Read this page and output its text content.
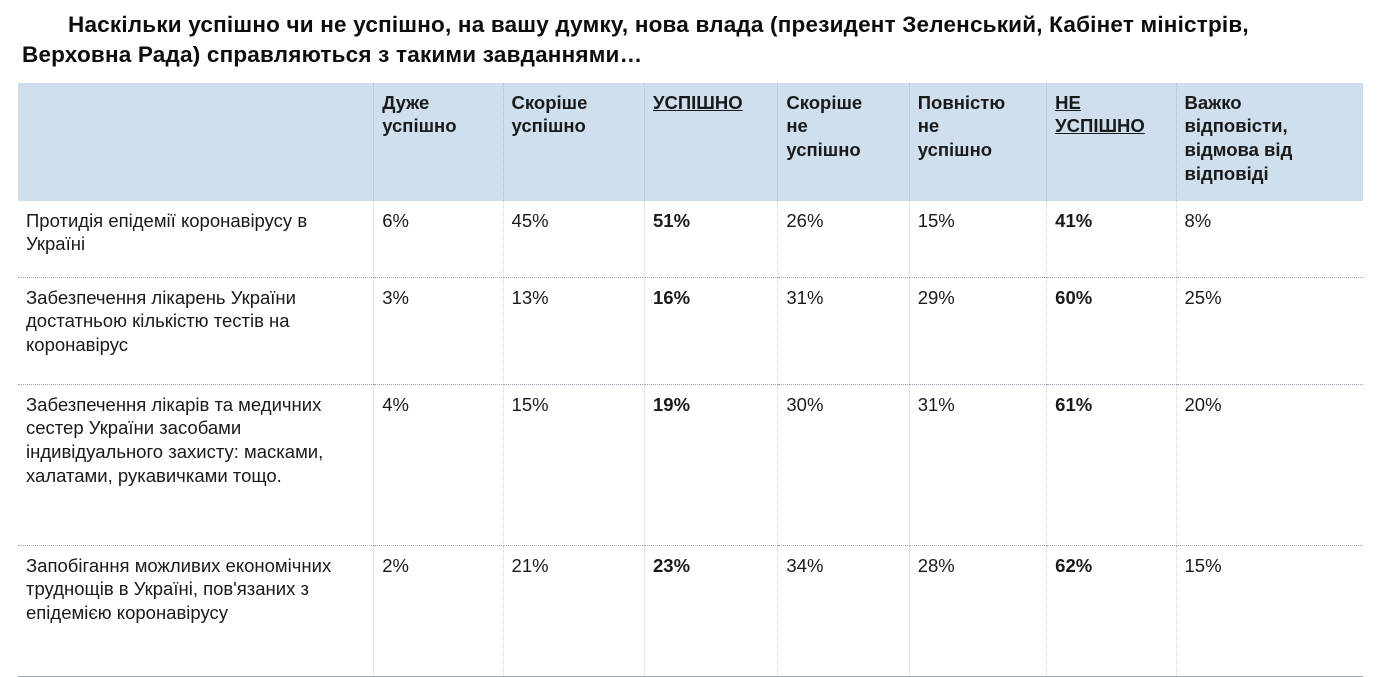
Наскільки успішно чи не успішно, на вашу думку, нова влада (президент Зеленський, Кабінет міністрів, Верховна Рада) справляються з такими завданнями…
	Дуже
успішно	Скоріше
успішно	УСПІШНО	Скоріше
не
успішно	Повністю
не
успішно	НЕ
УСПІШНО	Важко
відповісти,
відмова від
відповіді
Протидія епідемії коронавірусу в Україні	6%	45%	51%	26%	15%	41%	8%
Забезпечення лікарень України достатньою кількістю тестів на коронавірус	3%	13%	16%	31%	29%	60%	25%
Забезпечення лікарів та медичних сестер України засобами індивідуального захисту: масками, халатами, рукавичками тощо.	4%	15%	19%	30%	31%	61%	20%
Запобігання можливих економічних труднощів в Україні, пов'язаних з епідемією коронавірусу	2%	21%	23%	34%	28%	62%	15%
